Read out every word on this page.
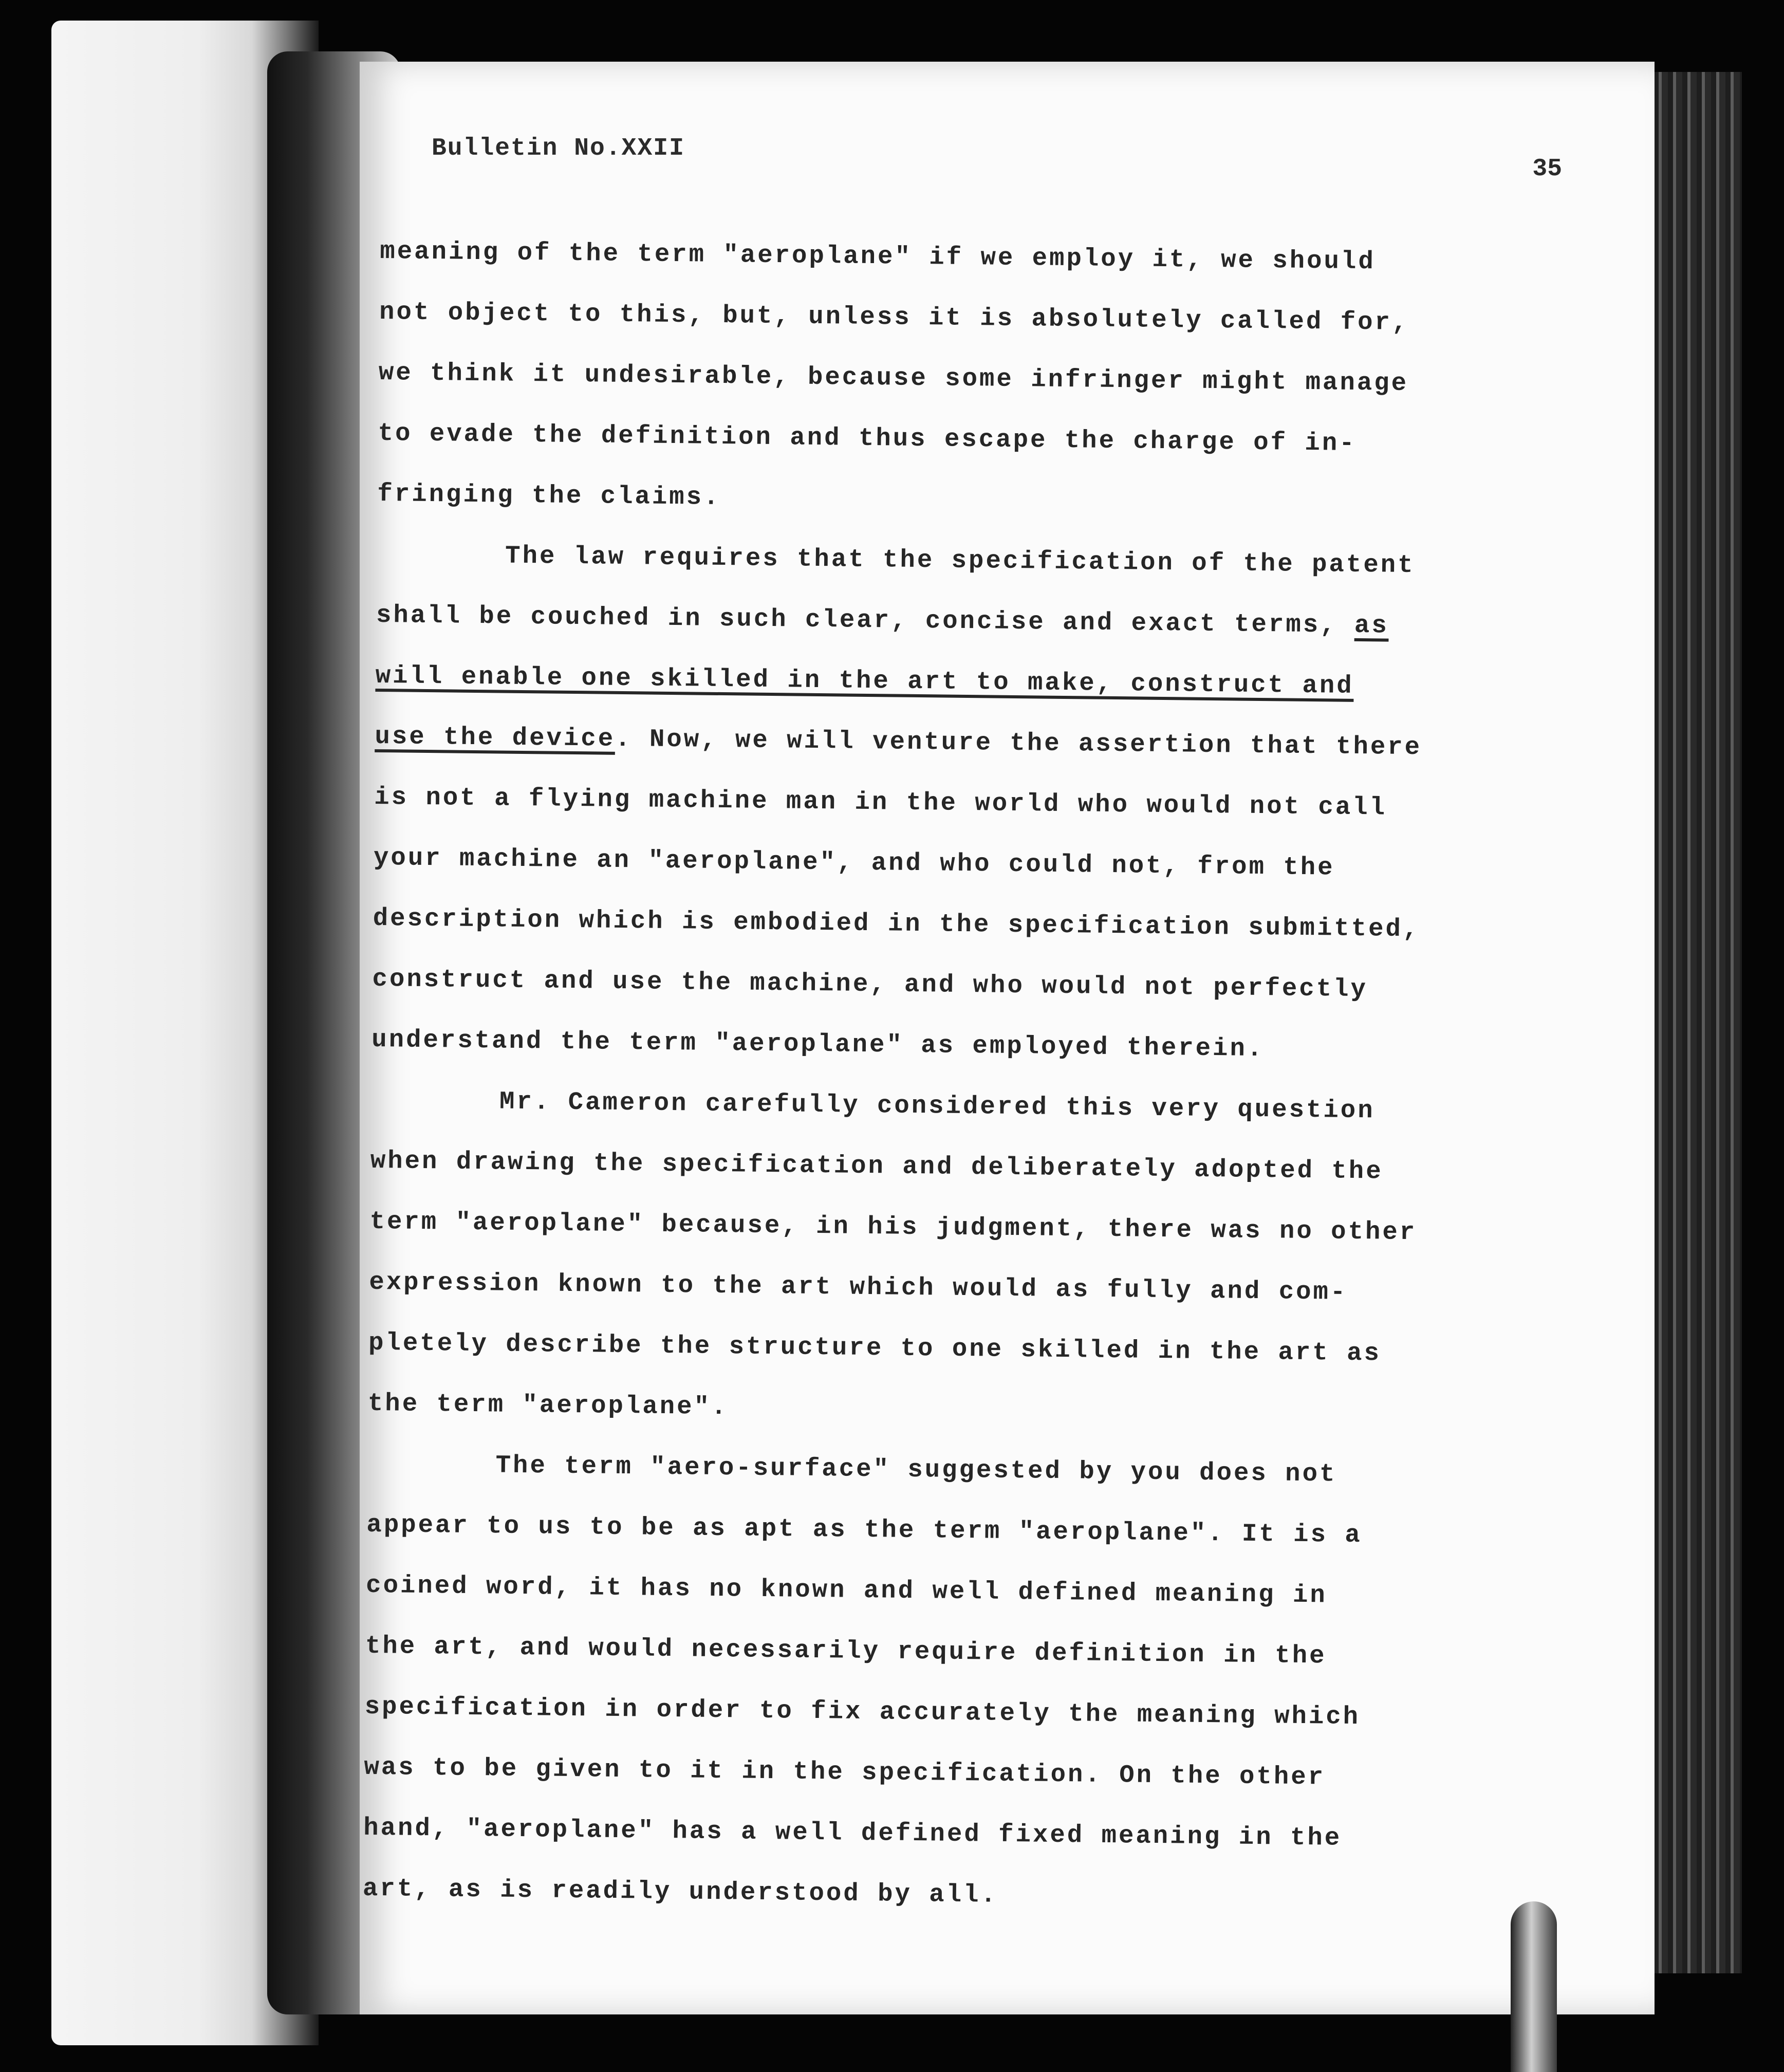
Bulletin No.XXII
35
meaning of the term "aeroplane" if we employ it, we should
not object to this, but, unless it is absolutely called for,
we think it undesirable, because some infringer might manage
to evade the definition and thus escape the charge of in-
fringing the claims.
The law requires that the specification of the patent
shall be couched in such clear, concise and exact terms, as
will enable one skilled in the art to make, construct and
use the device. Now, we will venture the assertion that there
is not a flying machine man in the world who would not call
your machine an "aeroplane", and who could not, from the
description which is embodied in the specification submitted,
construct and use the machine, and who would not perfectly
understand the term "aeroplane" as employed therein.
Mr. Cameron carefully considered this very question
when drawing the specification and deliberately adopted the
term "aeroplane" because, in his judgment, there was no other
expression known to the art which would as fully and com-
pletely describe the structure to one skilled in the art as
the term "aeroplane".
The term "aero-surface" suggested by you does not
appear to us to be as apt as the term "aeroplane". It is a
coined word, it has no known and well defined meaning in
the art, and would necessarily require definition in the
specification in order to fix accurately the meaning which
was to be given to it in the specification. On the other
hand, "aeroplane" has a well defined fixed meaning in the
art, as is readily understood by all.
